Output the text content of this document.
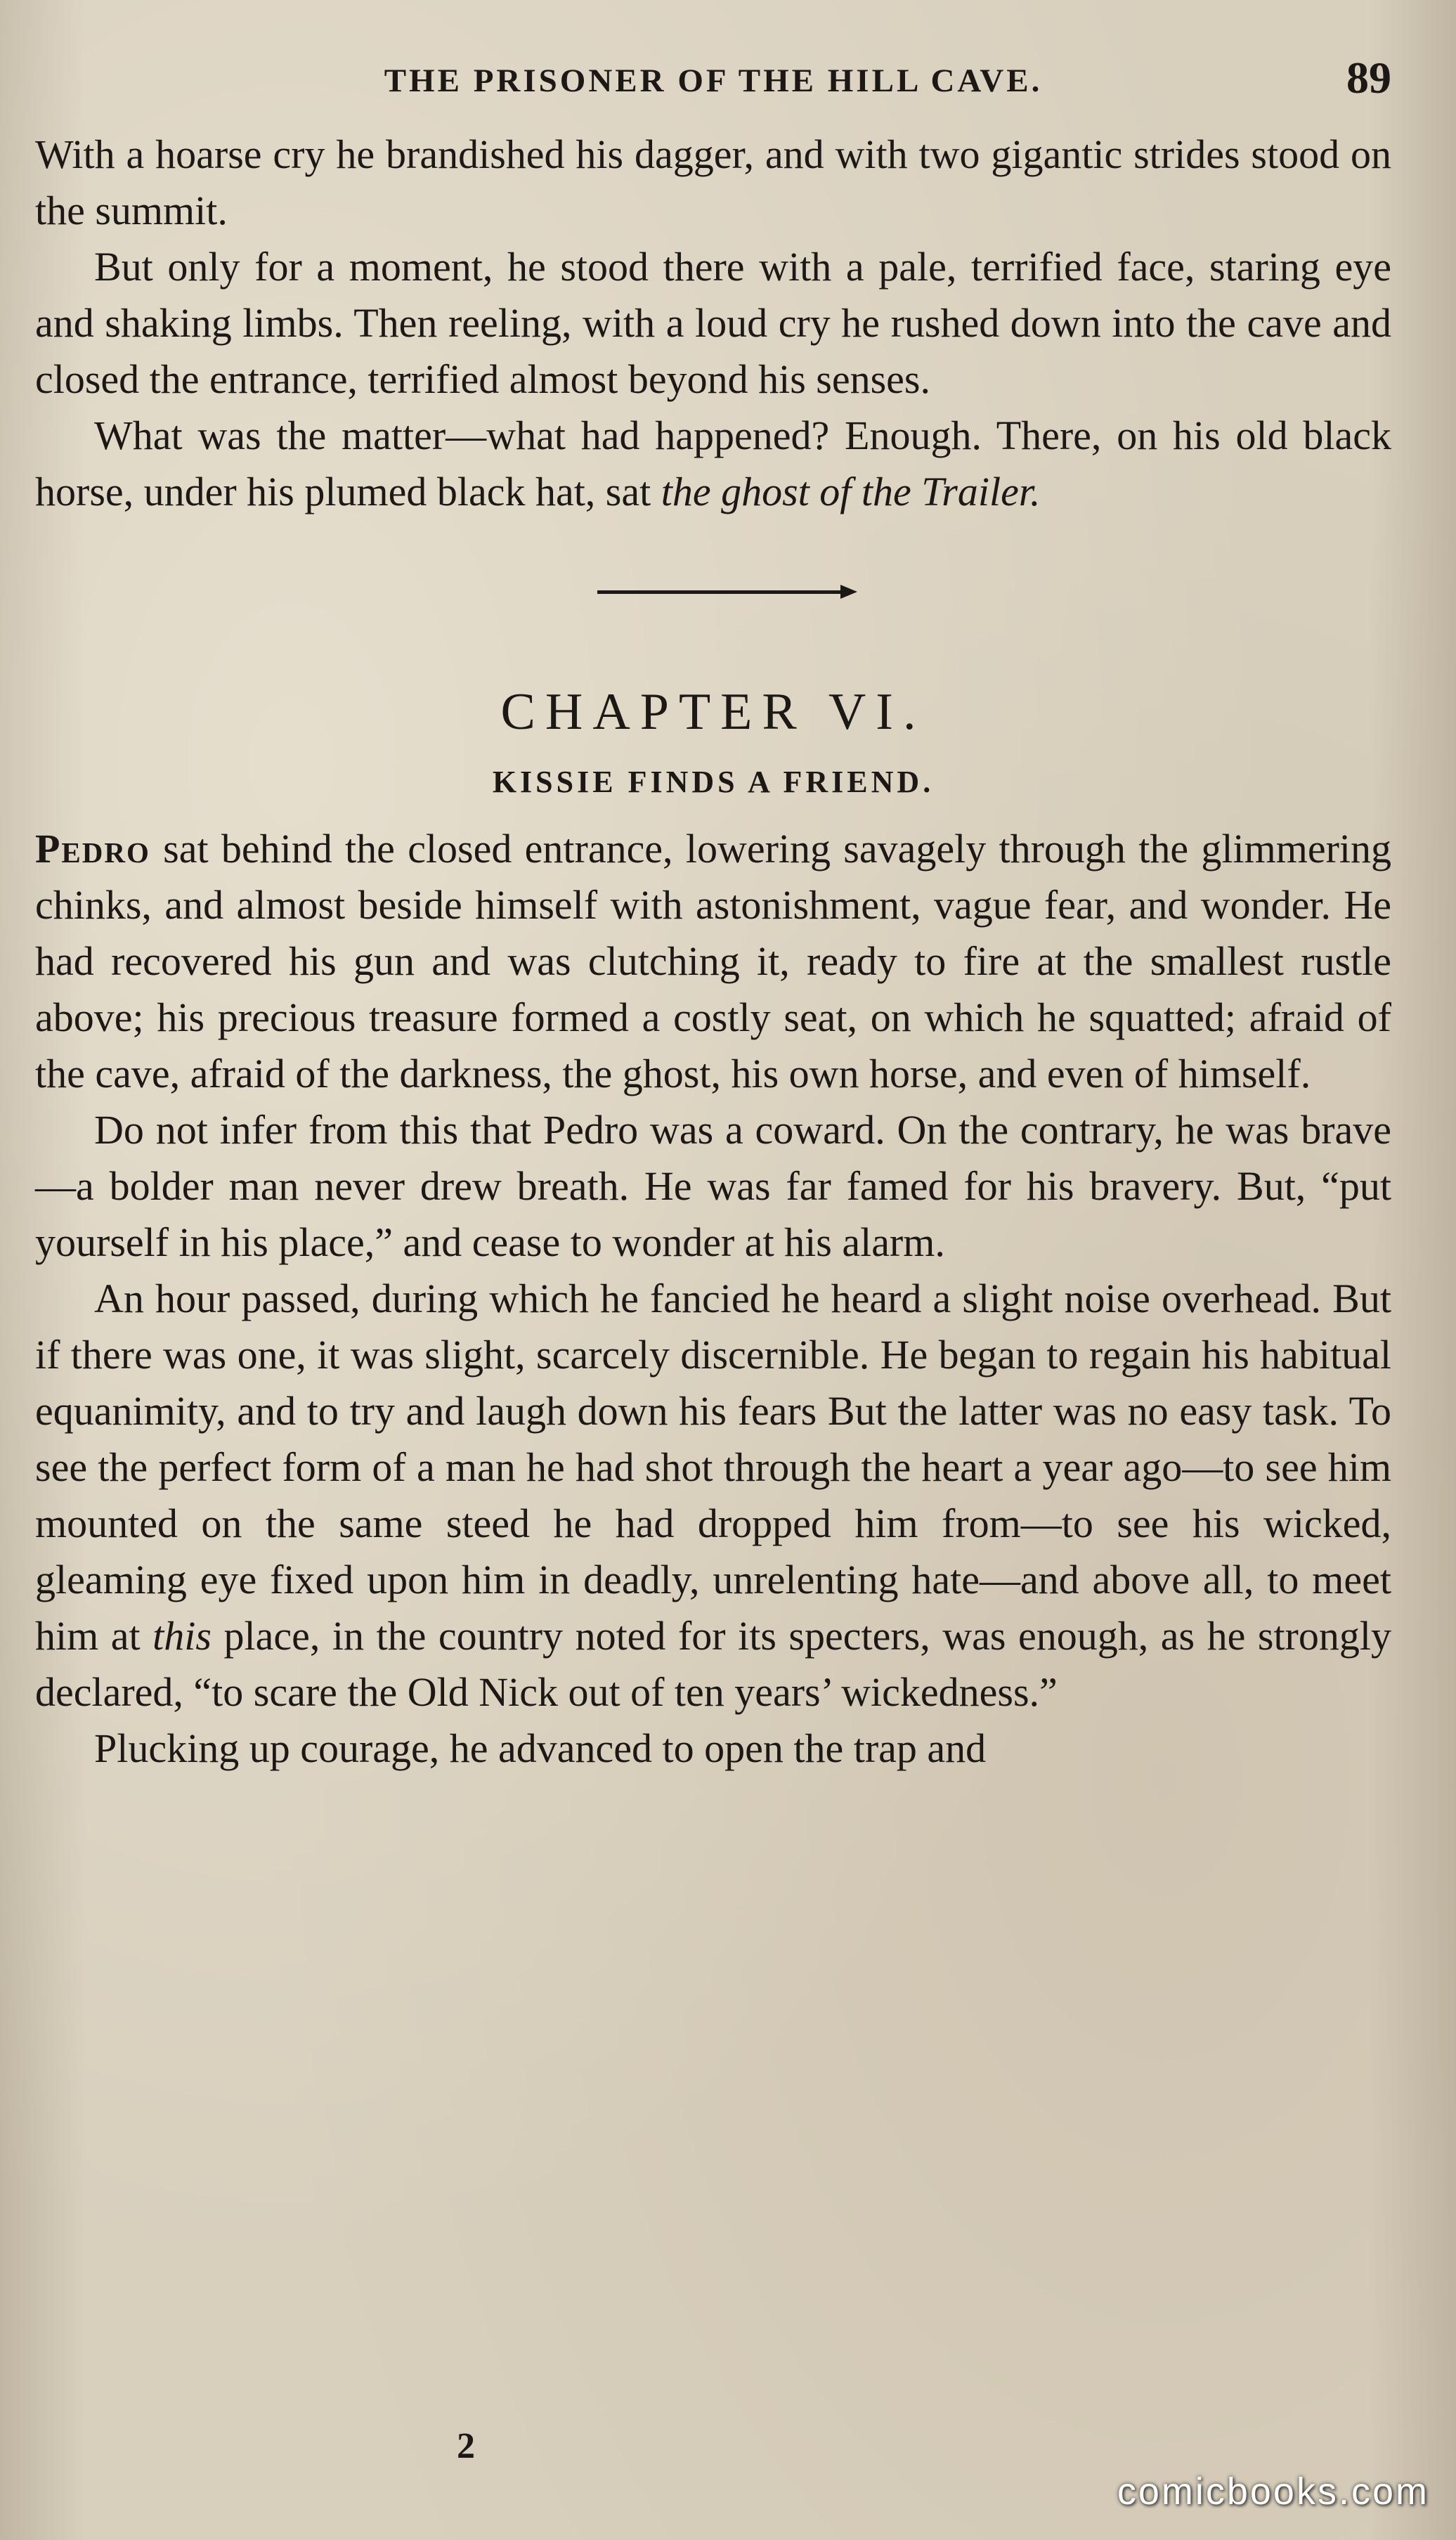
THE PRISONER OF THE HILL CAVE.	89

With a hoarse cry he brandished his dagger, and with two gigantic strides stood on the summit.

But only for a moment, he stood there with a pale, terrified face, staring eye and shaking limbs. Then reeling, with a loud cry he rushed down into the cave and closed the entrance, terrified almost beyond his senses.

What was the matter—what had happened? Enough. There, on his old black horse, under his plumed black hat, sat the ghost of the Trailer.

CHAPTER VI.
KISSIE FINDS A FRIEND.

Pedro sat behind the closed entrance, lowering savagely through the glimmering chinks, and almost beside himself with astonishment, vague fear, and wonder. He had recovered his gun and was clutching it, ready to fire at the smallest rustle above; his precious treasure formed a costly seat, on which he squatted; afraid of the cave, afraid of the darkness, the ghost, his own horse, and even of himself.

Do not infer from this that Pedro was a coward. On the contrary, he was brave—a bolder man never drew breath. He was far famed for his bravery. But, “put yourself in his place,” and cease to wonder at his alarm.

An hour passed, during which he fancied he heard a slight noise overhead. But if there was one, it was slight, scarcely discernible. He began to regain his habitual equanimity, and to try and laugh down his fears But the latter was no easy task. To see the perfect form of a man he had shot through the heart a year ago—to see him mounted on the same steed he had dropped him from—to see his wicked, gleaming eye fixed upon him in deadly, unrelenting hate—and above all, to meet him at this place, in the country noted for its specters, was enough, as he strongly declared, “to scare the Old Nick out of ten years’ wickedness.”

Plucking up courage, he advanced to open the trap and

2
comicbooks.com
